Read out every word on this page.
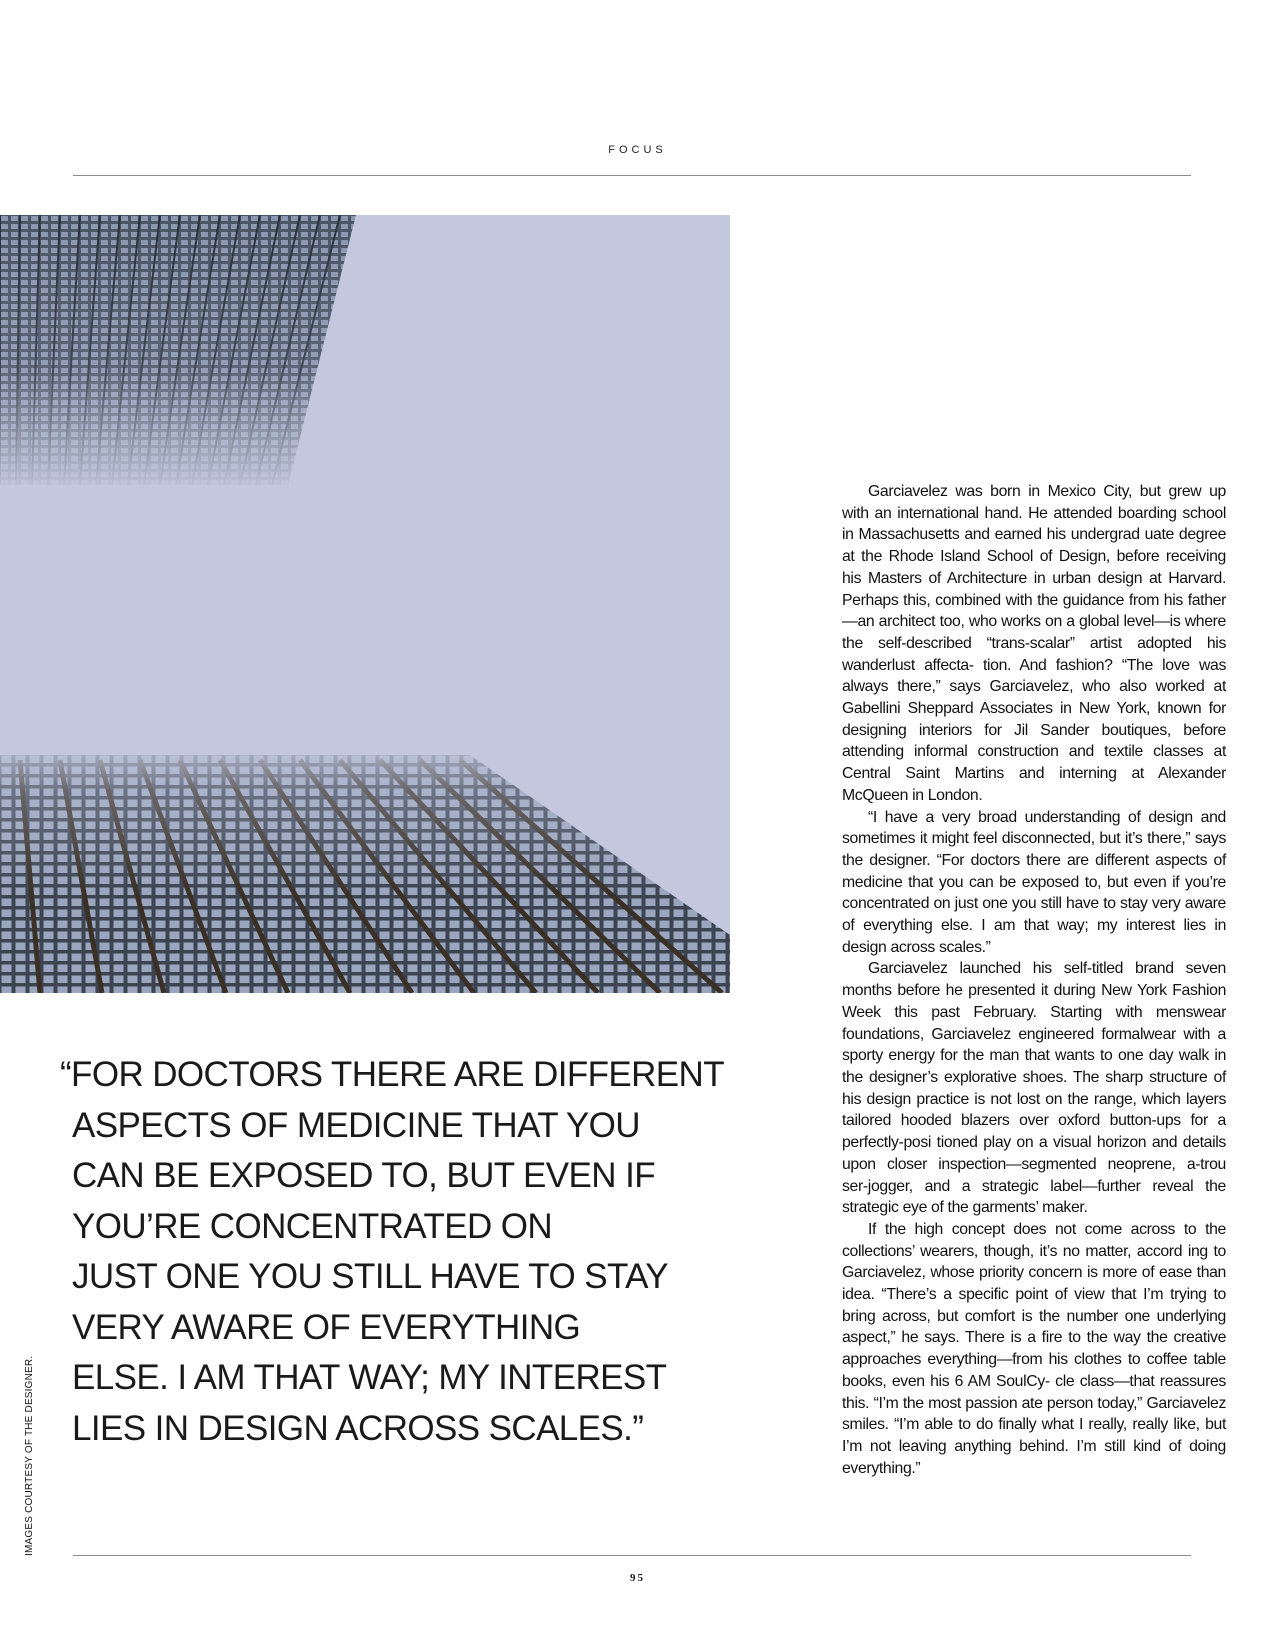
FOCUS
“FOR DOCTORS THERE ARE DIFFERENT
ASPECTS OF MEDICINE THAT YOU
CAN BE EXPOSED TO, BUT EVEN IF
YOU’RE CONCENTRATED ON
JUST ONE YOU STILL HAVE TO STAY
VERY AWARE OF EVERYTHING
ELSE. I AM THAT WAY; MY INTEREST
LIES IN DESIGN ACROSS SCALES.”

Garciavelez was born in Mexico City, but grew up with an international hand. He attended boarding school in Massachusetts and earned his undergrad uate degree at the Rhode Island School of Design, before receiving his Masters of Architecture in urban design at Harvard. Perhaps this, combined with the guidance from his father—an architect too, who works on a global level—is where the self-described “trans-scalar” artist adopted his wanderlust affecta- tion. And fashion? “The love was always there,” says Garciavelez, who also worked at Gabellini Sheppard Associates in New York, known for designing interiors for Jil Sander boutiques, before attending informal construction and textile classes at Central Saint Martins and interning at Alexander McQueen in London.

“I have a very broad understanding of design and sometimes it might feel disconnected, but it’s there,” says the designer. “For doctors there are different aspects of medicine that you can be exposed to, but even if you’re concentrated on just one you still have to stay very aware of everything else. I am that way; my interest lies in design across scales.”

Garciavelez launched his self-titled brand seven months before he presented it during New York Fashion Week this past February. Starting with menswear foundations, Garciavelez engineered formalwear with a sporty energy for the man that wants to one day walk in the designer’s explorative shoes. The sharp structure of his design practice is not lost on the range, which layers tailored hooded blazers over oxford button-ups for a perfectly-posi tioned play on a visual horizon and details upon closer inspection—segmented neoprene, a-trou ser-jogger, and a strategic label—further reveal the strategic eye of the garments’ maker.

If the high concept does not come across to the collections’ wearers, though, it’s no matter, accord ing to Garciavelez, whose priority concern is more of ease than idea. “There’s a specific point of view that I’m trying to bring across, but comfort is the number one underlying aspect,” he says. There is a fire to the way the creative approaches everything—from his clothes to coffee table books, even his 6 AM SoulCy- cle class—that reassures this. “I’m the most passion ate person today,” Garciavelez smiles. “I’m able to do finally what I really, really like, but I’m not leaving anything behind. I’m still kind of doing everything.”

IMAGES COURTESY OF THE DESIGNER.
95
